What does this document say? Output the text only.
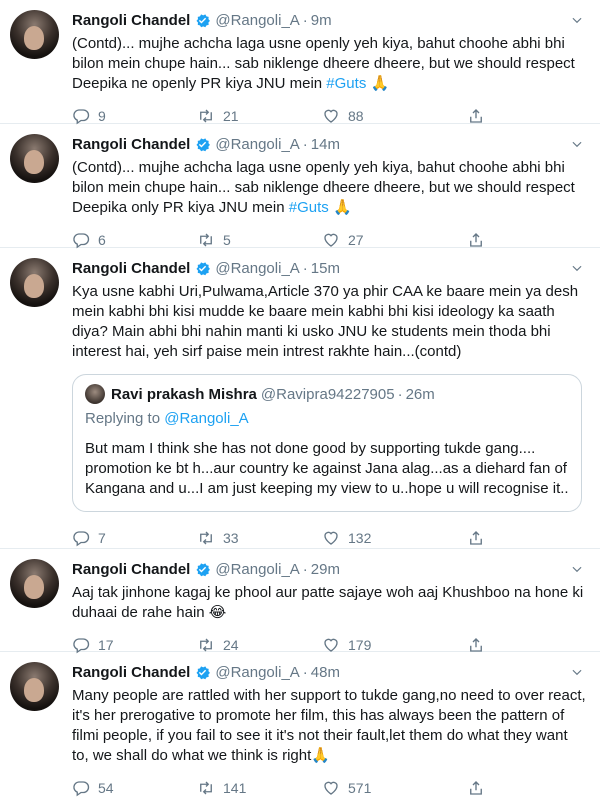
Rangoli Chandel @Rangoli_A · 9m
(Contd)... mujhe achcha laga usne openly yeh kiya, bahut choohe abhi bhi bilon mein chupe hain... sab niklenge dheere dheere, but we should respect Deepika ne openly PR kiya JNU mein #Guts 🙏
9	21	88
Rangoli Chandel @Rangoli_A · 14m
(Contd)... mujhe achcha laga usne openly yeh kiya, bahut choohe abhi bhi bilon mein chupe hain... sab niklenge dheere dheere, but we should respect Deepika only PR kiya JNU mein #Guts 🙏
6	5	27
Rangoli Chandel @Rangoli_A · 15m
Kya usne kabhi Uri,Pulwama,Article 370 ya phir CAA ke baare mein ya desh mein kabhi bhi kisi mudde ke baare mein kabhi bhi kisi ideology ka saath diya? Main abhi bhi nahin manti ki usko JNU ke students mein thoda bhi interest hai, yeh sirf paise mein intrest rakhte hain...(contd)
Ravi prakash Mishra @Ravipra94227905 · 26m
Replying to @Rangoli_A
But mam I think she has not done good by supporting tukde gang.... promotion ke bt h...aur country ke against Jana alag...as a diehard fan of Kangana and u...I am just keeping my view to u..hope u will recognise it..
7	33	132
Rangoli Chandel @Rangoli_A · 29m
Aaj tak jinhone kagaj ke phool aur patte sajaye woh aaj Khushboo na hone ki duhaai de rahe hain 😂
17	24	179
Rangoli Chandel @Rangoli_A · 48m
Many people are rattled with her support to tukde gang,no need to over react, it's her prerogative to promote her film, this has always been the pattern of filmi people, if you fail to see it it's not their fault,let them do what they want to, we shall do what we think is right🙏
54	141	571
